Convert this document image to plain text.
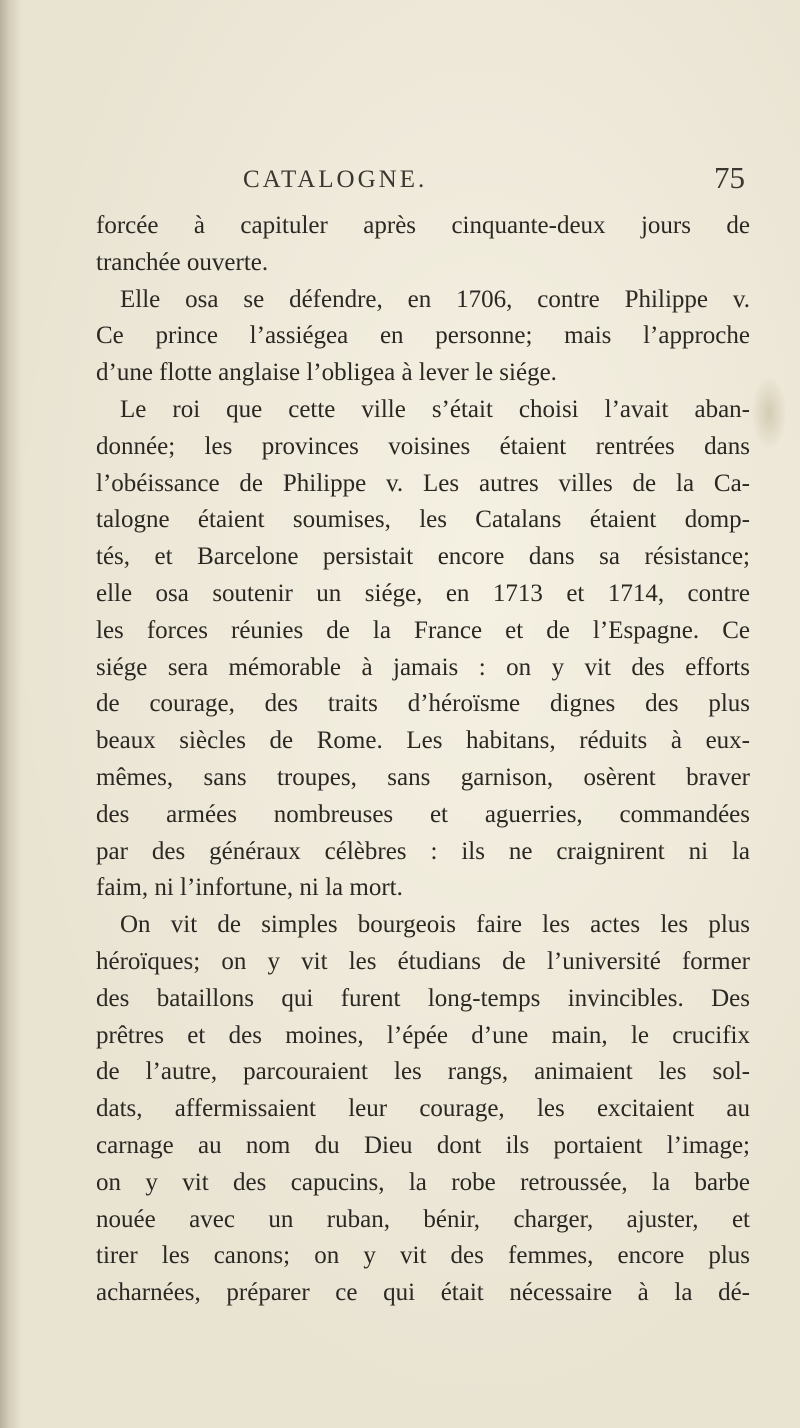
CATALOGNE.	75
forcée à capituler après cinquante-deux jours de
tranchée ouverte.
Elle osa se défendre, en 1706, contre Philippe v.
Ce prince l’assiégea en personne; mais l’approche
d’une flotte anglaise l’obligea à lever le siége.
Le roi que cette ville s’était choisi l’avait aban-
donnée; les provinces voisines étaient rentrées dans
l’obéissance de Philippe v. Les autres villes de la Ca-
talogne étaient soumises, les Catalans étaient domp-
tés, et Barcelone persistait encore dans sa résistance;
elle osa soutenir un siége, en 1713 et 1714, contre
les forces réunies de la France et de l’Espagne. Ce
siége sera mémorable à jamais : on y vit des efforts
de courage, des traits d’héroïsme dignes des plus
beaux siècles de Rome. Les habitans, réduits à eux-
mêmes, sans troupes, sans garnison, osèrent braver
des armées nombreuses et aguerries, commandées
par des généraux célèbres : ils ne craignirent ni la
faim, ni l’infortune, ni la mort.
On vit de simples bourgeois faire les actes les plus
héroïques; on y vit les étudians de l’université former
des bataillons qui furent long-temps invincibles. Des
prêtres et des moines, l’épée d’une main, le crucifix
de l’autre, parcouraient les rangs, animaient les sol-
dats, affermissaient leur courage, les excitaient au
carnage au nom du Dieu dont ils portaient l’image;
on y vit des capucins, la robe retroussée, la barbe
nouée avec un ruban, bénir, charger, ajuster, et
tirer les canons; on y vit des femmes, encore plus
acharnées, préparer ce qui était nécessaire à la dé-
